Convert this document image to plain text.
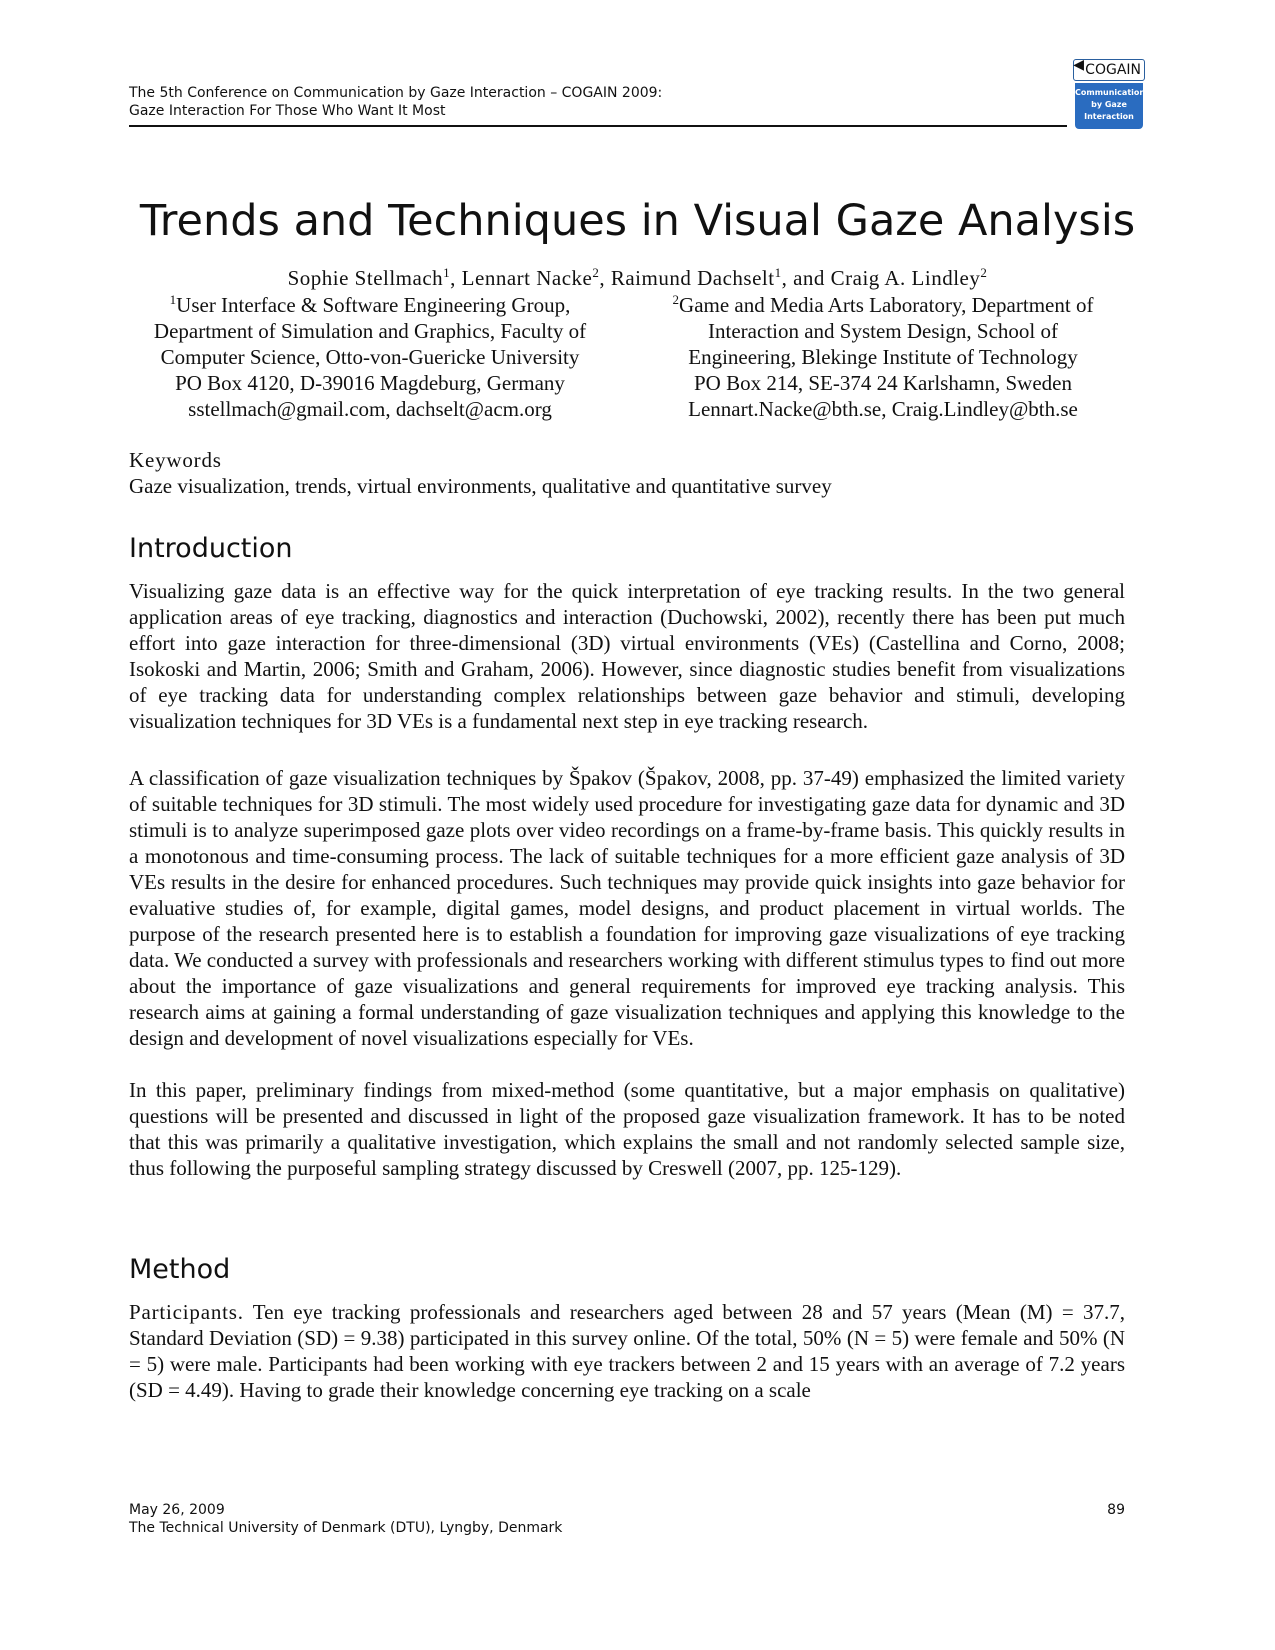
The 5th Conference on Communication by Gaze Interaction – COGAIN 2009:
Gaze Interaction For Those Who Want It Most
◀ COGAIN
Communication
by Gaze
Interaction
Trends and Techniques in Visual Gaze Analysis
Sophie Stellmach$^1$, Lennart Nacke$^2$, Raimund Dachselt$^1$, and Craig A. Lindley$^2$
$^1$User Interface & Software Engineering Group,
Department of Simulation and Graphics, Faculty of
Computer Science, Otto-von-Guericke University
PO Box 4120, D-39016 Magdeburg, Germany
sstellmach@gmail.com, dachselt@acm.org
$^2$Game and Media Arts Laboratory, Department of
Interaction and System Design, School of
Engineering, Blekinge Institute of Technology
PO Box 214, SE-374 24 Karlshamn, Sweden
Lennart.Nacke@bth.se, Craig.Lindley@bth.se
Keywords
Gaze visualization, trends, virtual environments, qualitative and quantitative survey
Introduction

Visualizing gaze data is an effective way for the quick interpretation of eye tracking results. In the two general application areas of eye tracking, diagnostics and interaction (Duchowski, 2002), recently there has been put much effort into gaze interaction for three-dimensional (3D) virtual environments (VEs) (Castellina and Corno, 2008; Isokoski and Martin, 2006; Smith and Graham, 2006). However, since diagnostic studies benefit from visualizations of eye tracking data for understanding complex relationships between gaze behavior and stimuli, developing visualization techniques for 3D VEs is a fundamental next step in eye tracking research.

A classification of gaze visualization techniques by Špakov (Špakov, 2008, pp. 37-49) emphasized the limited variety of suitable techniques for 3D stimuli. The most widely used procedure for investigating gaze data for dynamic and 3D stimuli is to analyze superimposed gaze plots over video recordings on a frame-by-frame basis. This quickly results in a monotonous and time-consuming process. The lack of suitable techniques for a more efficient gaze analysis of 3D VEs results in the desire for enhanced procedures. Such techniques may provide quick insights into gaze behavior for evaluative studies of, for example, digital games, model designs, and product placement in virtual worlds. The purpose of the research presented here is to establish a foundation for improving gaze visualizations of eye tracking data. We conducted a survey with professionals and researchers working with different stimulus types to find out more about the importance of gaze visualizations and general requirements for improved eye tracking analysis. This research aims at gaining a formal understanding of gaze visualization techniques and applying this knowledge to the design and development of novel visualizations especially for VEs.

In this paper, preliminary findings from mixed-method (some quantitative, but a major emphasis on qualitative) questions will be presented and discussed in light of the proposed gaze visualization framework. It has to be noted that this was primarily a qualitative investigation, which explains the small and not randomly selected sample size, thus following the purposeful sampling strategy discussed by Creswell (2007, pp. 125-129).

Method

Participants. Ten eye tracking professionals and researchers aged between 28 and 57 years (Mean (M) = 37.7, Standard Deviation (SD) = 9.38) participated in this survey online. Of the total, 50% (N = 5) were female and 50% (N = 5) were male. Participants had been working with eye trackers between 2 and 15 years with an average of 7.2 years (SD = 4.49). Having to grade their knowledge concerning eye tracking on a scale

May 26, 2009
The Technical University of Denmark (DTU), Lyngby, Denmark
89
